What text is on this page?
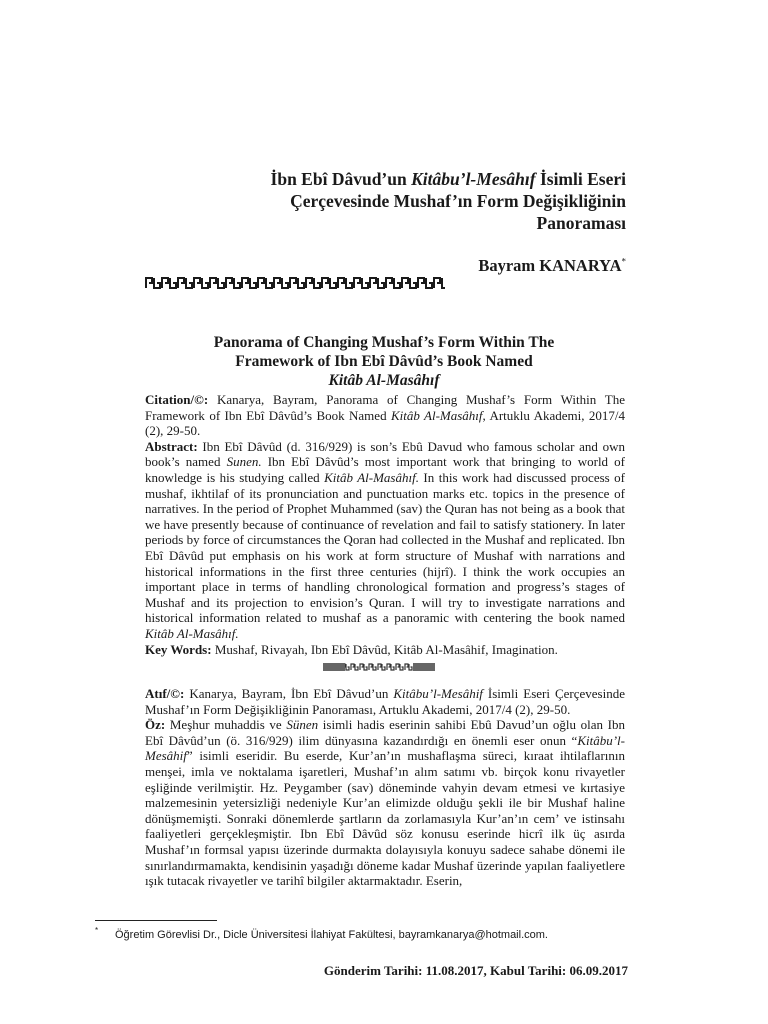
İbn Ebî Dâvud’un Kitâbu’l-Mesâhıf İsimli Eseri
Çerçevesinde Mushaf’ın Form Değişikliğinin
Panoraması
Bayram KANARYA*
Panorama of Changing Mushaf’s Form Within The
Framework of Ibn Ebî Dâvûd’s Book Named
Kitâb Al-Masâhıf
Citation/©: Kanarya, Bayram, Panorama of Changing Mushaf’s Form Within The Framework of Ibn Ebî Dâvûd’s Book Named Kitâb Al-Masâhıf, Artuklu Akademi, 2017/4 (2), 29-50.
Abstract: Ibn Ebî Dâvûd (d. 316/929) is son’s Ebû Davud who famous scholar and own book’s named Sunen. Ibn Ebî Dâvûd’s most important work that bringing to world of knowledge is his studying called Kitâb Al-Masâhıf. In this work had discussed process of mushaf, ikhtilaf of its pronunciation and punctuation marks etc. topics in the presence of narratives. In the period of Prophet Muhammed (sav) the Quran has not being as a book that we have presently because of continuance of revelation and fail to satisfy stationery. In later periods by force of circumstances the Qoran had collected in the Mushaf and replicated. Ibn Ebî Dâvûd put emphasis on his work at form structure of Mushaf with narrations and historical informations in the first three centuries (hijrî). I think the work occupies an important place in terms of handling chronological formation and progress’s stages of Mushaf and its projection to envision’s Quran. I will try to investigate narrations and historical information related to mushaf as a panoramic with centering the book named Kitâb Al-Masâhıf.
Key Words: Mushaf, Rivayah, Ibn Ebî Dâvûd, Kitâb Al-Masâhif, Imagination.
Atıf/©: Kanarya, Bayram, İbn Ebî Dâvud’un Kitâbu’l-Mesâhif İsimli Eseri Çerçevesinde Mushaf’ın Form Değişikliğinin Panoraması, Artuklu Akademi, 2017/4 (2), 29-50.
Öz: Meşhur muhaddis ve Sünen isimli hadis eserinin sahibi Ebû Davud’un oğlu olan Ibn Ebî Dâvûd’un (ö. 316/929) ilim dünyasına kazandırdığı en önemli eser onun “Kitâbu’l-Mesâhif” isimli eseridir. Bu eserde, Kur’an’ın mushaflaşma süreci, kıraat ihtilaflarının menşei, imla ve noktalama işaretleri, Mushaf’ın alım satımı vb. birçok konu rivayetler eşliğinde verilmiştir. Hz. Peygamber (sav) döneminde vahyin devam etmesi ve kırtasiye malzemesinin yetersizliği nedeniyle Kur’an elimizde olduğu şekli ile bir Mushaf haline dönüşmemişti. Sonraki dönemlerde şartların da zorlamasıyla Kur’an’ın cem’ ve istinsahı faaliyetleri gerçekleşmiştir. Ibn Ebî Dâvûd söz konusu eserinde hicrî ilk üç asırda Mushaf’ın formsal yapısı üzerinde durmakta dolayısıyla konuyu sadece sahabe dönemi ile sınırlandırmamakta, kendisinin yaşadığı döneme kadar Mushaf üzerinde yapılan faaliyetlere ışık tutacak rivayetler ve tarihî bilgiler aktarmaktadır. Eserin,
* Öğretim Görevlisi Dr., Dicle Üniversitesi İlahiyat Fakültesi, bayramkanarya@hotmail.com.
Gönderim Tarihi: 11.08.2017, Kabul Tarihi: 06.09.2017
